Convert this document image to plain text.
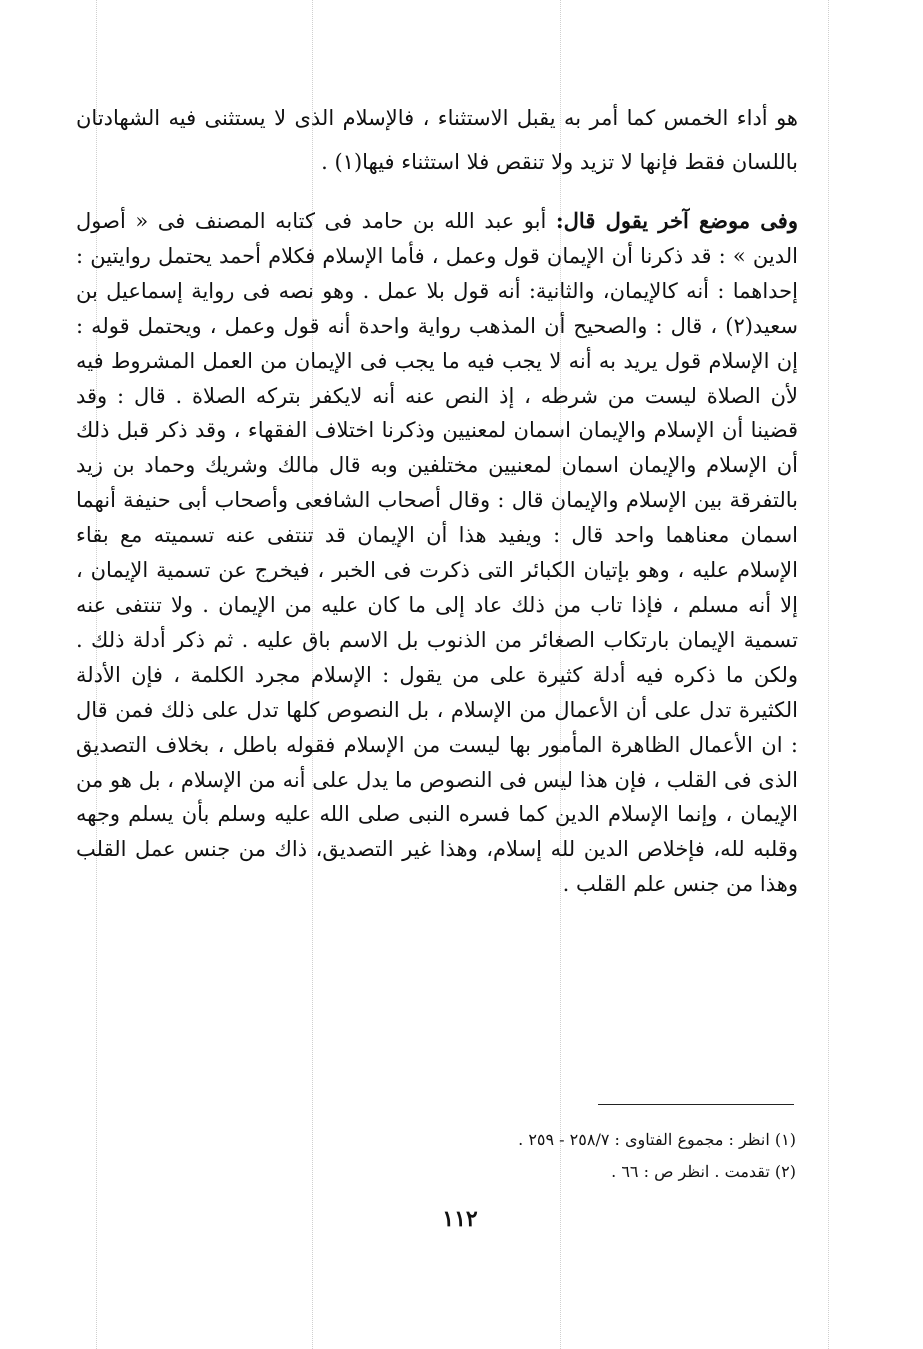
هو أداء الخمس كما أمر به يقبل الاستثناء ، فالإسلام الذى لا يستثنى فيه الشهادتان باللسان فقط فإنها لا تزيد ولا تنقص فلا استثناء فيها(١) .

وفى موضع آخر يقول قال: أبو عبد الله بن حامد فى كتابه المصنف فى « أصول الدين » : قد ذكرنا أن الإيمان قول وعمل ، فأما الإسلام فكلام أحمد يحتمل روايتين : إحداهما : أنه كالإيمان، والثانية: أنه قول بلا عمل . وهو نصه فى رواية إسماعيل بن سعيد(٢) ، قال : والصحيح أن المذهب رواية واحدة أنه قول وعمل ، ويحتمل قوله : إن الإسلام قول يريد به أنه لا يجب فيه ما يجب فى الإيمان من العمل المشروط فيه لأن الصلاة ليست من شرطه ، إذ النص عنه أنه لايكفر بتركه الصلاة . قال : وقد قضينا أن الإسلام والإيمان اسمان لمعنيين وذكرنا اختلاف الفقهاء ، وقد ذكر قبل ذلك أن الإسلام والإيمان اسمان لمعنيين مختلفين وبه قال مالك وشريك وحماد بن زيد بالتفرقة بين الإسلام والإيمان قال : وقال أصحاب الشافعى وأصحاب أبى حنيفة أنهما اسمان معناهما واحد قال : ويفيد هذا أن الإيمان قد تنتفى عنه تسميته مع بقاء الإسلام عليه ، وهو بإتيان الكبائر التى ذكرت فى الخبر ، فيخرج عن تسمية الإيمان ، إلا أنه مسلم ، فإذا تاب من ذلك عاد إلى ما كان عليه من الإيمان . ولا تنتفى عنه تسمية الإيمان بارتكاب الصغائر من الذنوب بل الاسم باق عليه . ثم ذكر أدلة ذلك . ولكن ما ذكره فيه أدلة كثيرة على من يقول : الإسلام مجرد الكلمة ، فإن الأدلة الكثيرة تدل على أن الأعمال من الإسلام ، بل النصوص كلها تدل على ذلك فمن قال : ان الأعمال الظاهرة المأمور بها ليست من الإسلام فقوله باطل ، بخلاف التصديق الذى فى القلب ، فإن هذا ليس فى النصوص ما يدل على أنه من الإسلام ، بل هو من الإيمان ، وإنما الإسلام الدين كما فسره النبى صلى الله عليه وسلم بأن يسلم وجهه وقلبه لله، فإخلاص الدين لله إسلام، وهذا غير التصديق، ذاك من جنس عمل القلب وهذا من جنس علم القلب .

(١) انظر : مجموع الفتاوى : ٢٥٨/٧ - ٢٥٩ .
(٢) تقدمت . انظر ص : ٦٦ .
١١٢
